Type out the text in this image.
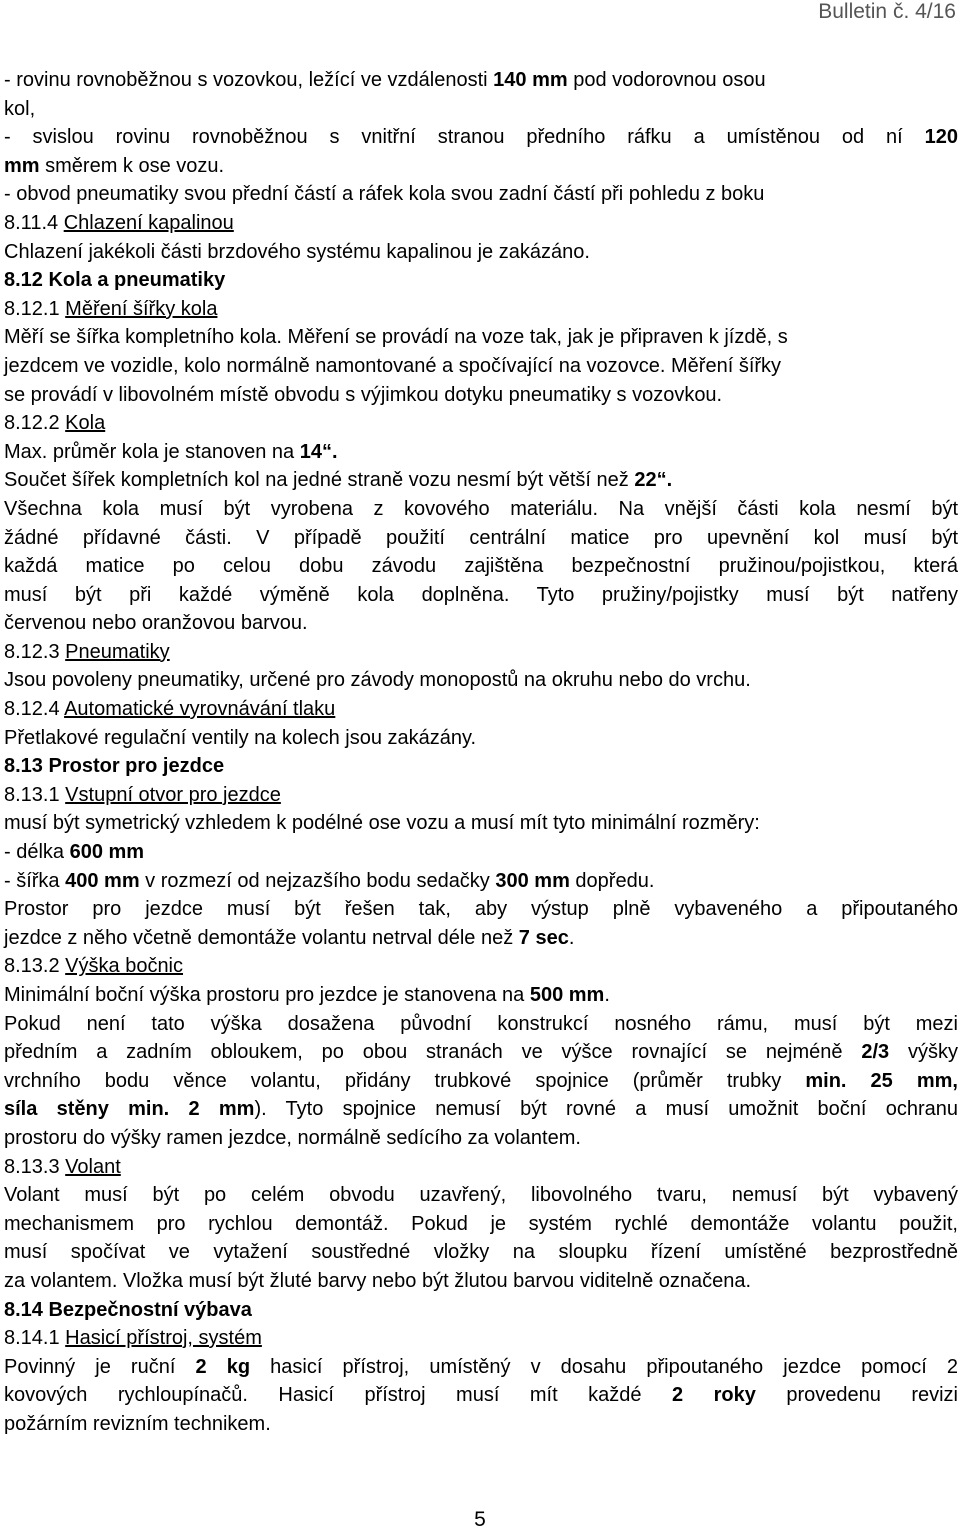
Bulletin č. 4/16
- rovinu rovnoběžnou s vozovkou, ležící ve vzdálenosti 140 mm pod vodorovnou osou
kol,
- svislou rovinu rovnoběžnou s vnitřní stranou předního ráfku a umístěnou od ní 120
mm směrem k ose vozu.
- obvod pneumatiky svou přední částí a ráfek kola svou zadní částí při pohledu z boku
8.11.4 Chlazení kapalinou
Chlazení jakékoli části brzdového systému kapalinou je zakázáno.
8.12 Kola a pneumatiky
8.12.1 Měření šířky kola
Měří se šířka kompletního kola. Měření se provádí na voze tak, jak je připraven k jízdě, s
jezdcem ve vozidle, kolo normálně namontované a spočívající na vozovce. Měření šířky
se provádí v libovolném místě obvodu s výjimkou dotyku pneumatiky s vozovkou.
8.12.2 Kola
Max. průměr kola je stanoven na 14“.
Součet šířek kompletních kol na jedné straně vozu nesmí být větší než 22“.
Všechna kola musí být vyrobena z kovového materiálu. Na vnější části kola nesmí být
žádné přídavné části. V případě použití centrální matice pro upevnění kol musí být
každá matice po celou dobu závodu zajištěna bezpečnostní pružinou/pojistkou, která
musí být při každé výměně kola doplněna. Tyto pružiny/pojistky musí být natřeny
červenou nebo oranžovou barvou.
8.12.3 Pneumatiky
Jsou povoleny pneumatiky, určené pro závody monopostů na okruhu nebo do vrchu.
8.12.4 Automatické vyrovnávání tlaku
Přetlakové regulační ventily na kolech jsou zakázány.
8.13 Prostor pro jezdce
8.13.1 Vstupní otvor pro jezdce
musí být symetrický vzhledem k podélné ose vozu a musí mít tyto minimální rozměry:
- délka 600 mm
- šířka 400 mm v rozmezí od nejzazšího bodu sedačky 300 mm dopředu.
Prostor pro jezdce musí být řešen tak, aby výstup plně vybaveného a připoutaného
jezdce z něho včetně demontáže volantu netrval déle než 7 sec.
8.13.2 Výška bočnic
Minimální boční výška prostoru pro jezdce je stanovena na 500 mm.
Pokud není tato výška dosažena původní konstrukcí nosného rámu, musí být mezi
předním a zadním obloukem, po obou stranách ve výšce rovnající se nejméně 2/3 výšky
vrchního bodu věnce volantu, přidány trubkové spojnice (průměr trubky min. 25 mm,
síla stěny min. 2 mm). Tyto spojnice nemusí být rovné a musí umožnit boční ochranu
prostoru do výšky ramen jezdce, normálně sedícího za volantem.
8.13.3 Volant
Volant musí být po celém obvodu uzavřený, libovolného tvaru, nemusí být vybavený
mechanismem pro rychlou demontáž. Pokud je systém rychlé demontáže volantu použit,
musí spočívat ve vytažení soustředné vložky na sloupku řízení umístěné bezprostředně
za volantem. Vložka musí být žluté barvy nebo být žlutou barvou viditelně označena.
8.14 Bezpečnostní výbava
8.14.1 Hasicí přístroj, systém
Povinný je ruční 2 kg hasicí přístroj, umístěný v dosahu připoutaného jezdce pomocí 2
kovových rychloupínačů. Hasicí přístroj musí mít každé 2 roky provedenu revizi
požárním revizním technikem.
5
